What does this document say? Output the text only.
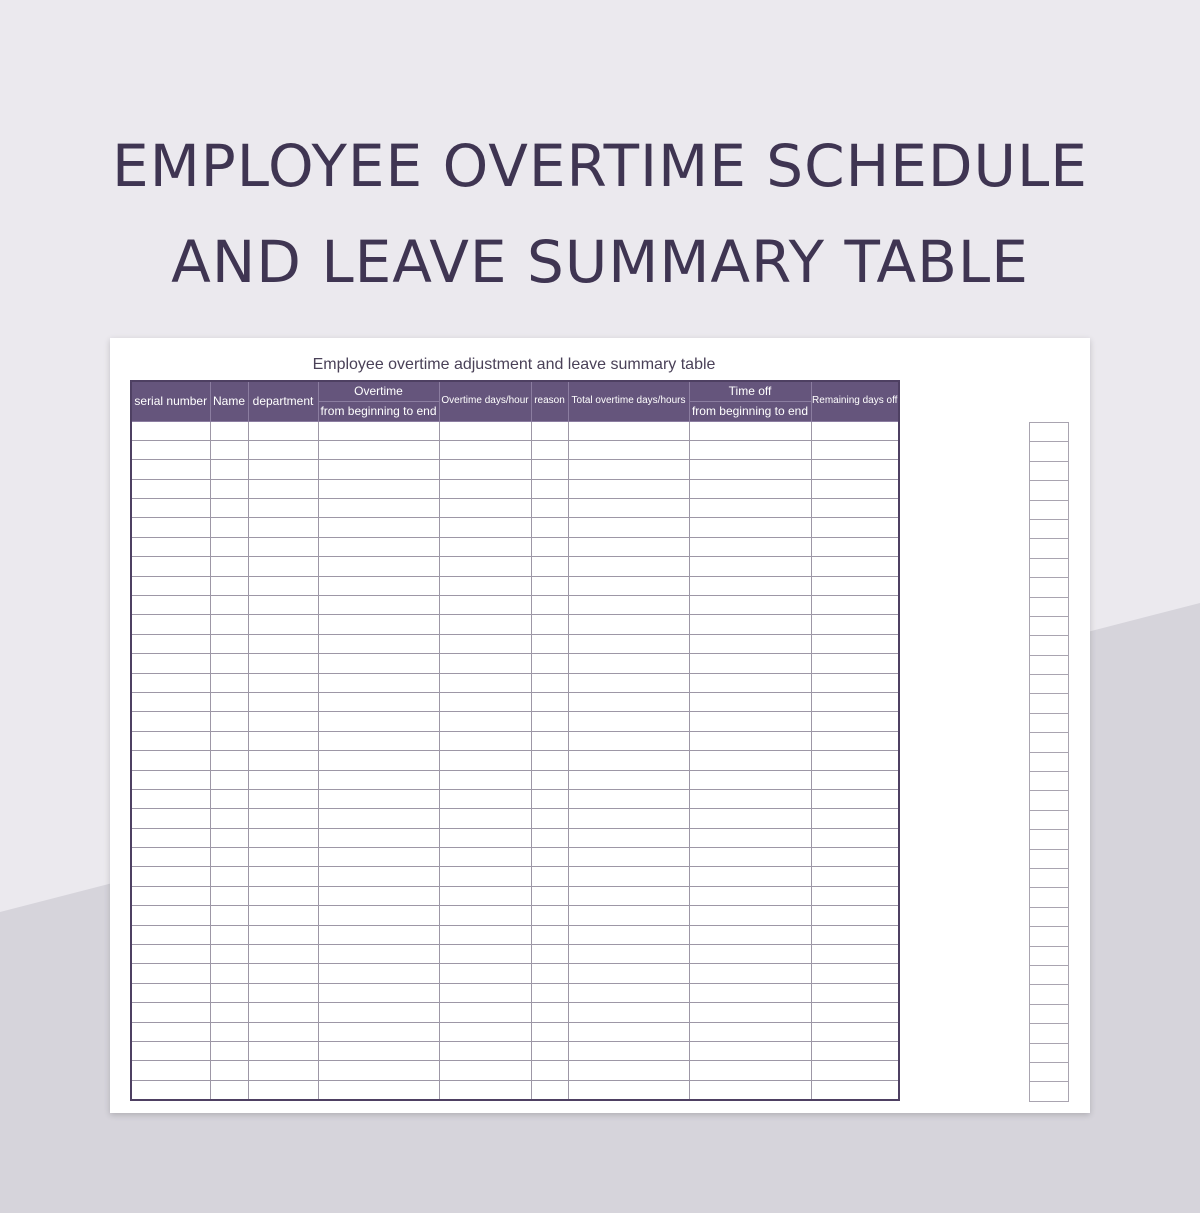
EMPLOYEE OVERTIME SCHEDULE
AND LEAVE SUMMARY TABLE
Employee overtime adjustment and leave summary table
serial number	Name	department	Overtime	Overtime days/hour	reason	Total overtime days/hours	Time off	Remaining days off
			from beginning to end				from beginning to end	
